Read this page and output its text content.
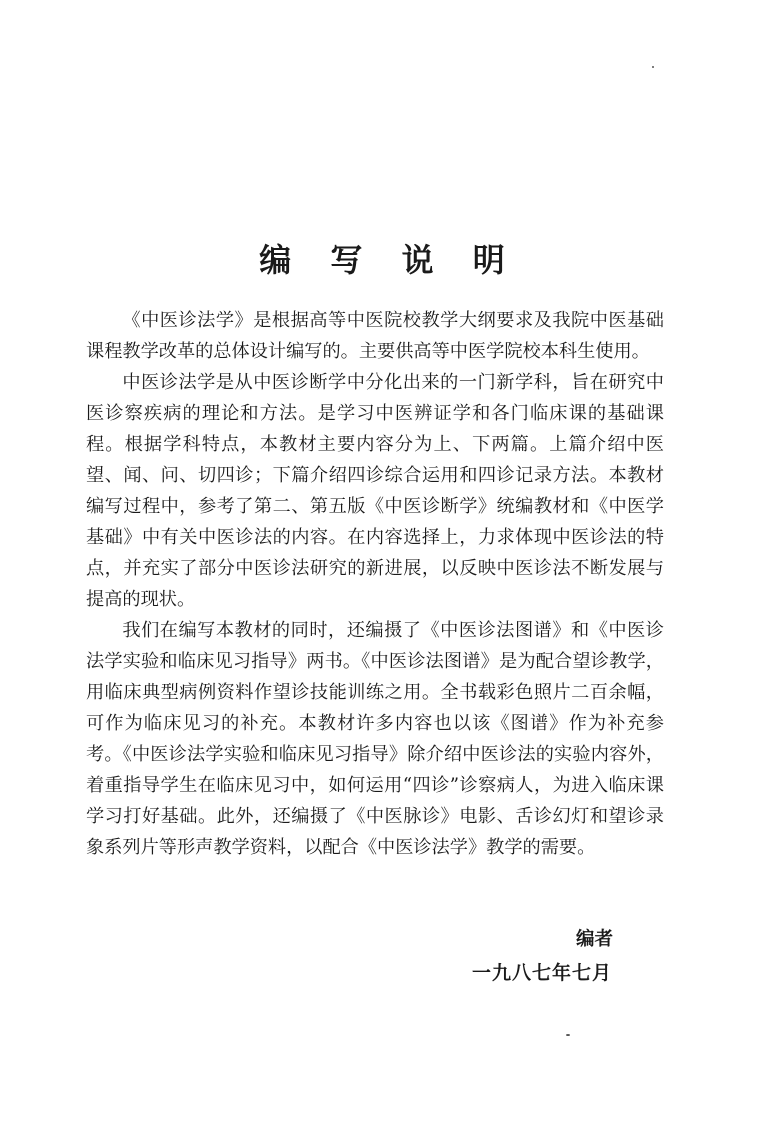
编 写 说 明

《中医诊法学》是根据高等中医院校教学大纲要求及我院中医基础课程教学改革的总体设计编写的。主要供高等中医学院校本科生使用。

中医诊法学是从中医诊断学中分化出来的一门新学科，旨在研究中医诊察疾病的理论和方法。是学习中医辨证学和各门临床课的基础课程。根据学科特点，本教材主要内容分为上、下两篇。上篇介绍中医望、闻、问、切四诊；下篇介绍四诊综合运用和四诊记录方法。本教材编写过程中，参考了第二、第五版《中医诊断学》统编教材和《中医学基础》中有关中医诊法的内容。在内容选择上，力求体现中医诊法的特点，并充实了部分中医诊法研究的新进展，以反映中医诊法不断发展与提高的现状。

我们在编写本教材的同时，还编摄了《中医诊法图谱》和《中医诊法学实验和临床见习指导》两书。《中医诊法图谱》是为配合望诊教学，用临床典型病例资料作望诊技能训练之用。全书载彩色照片二百余幅，可作为临床见习的补充。本教材许多内容也以该《图谱》作为补充参考。《中医诊法学实验和临床见习指导》除介绍中医诊法的实验内容外，着重指导学生在临床见习中，如何运用“四诊”诊察病人，为进入临床课学习打好基础。此外，还编摄了《中医脉诊》电影、舌诊幻灯和望诊录象系列片等形声教学资料，以配合《中医诊法学》教学的需要。

编者
一九八七年七月
